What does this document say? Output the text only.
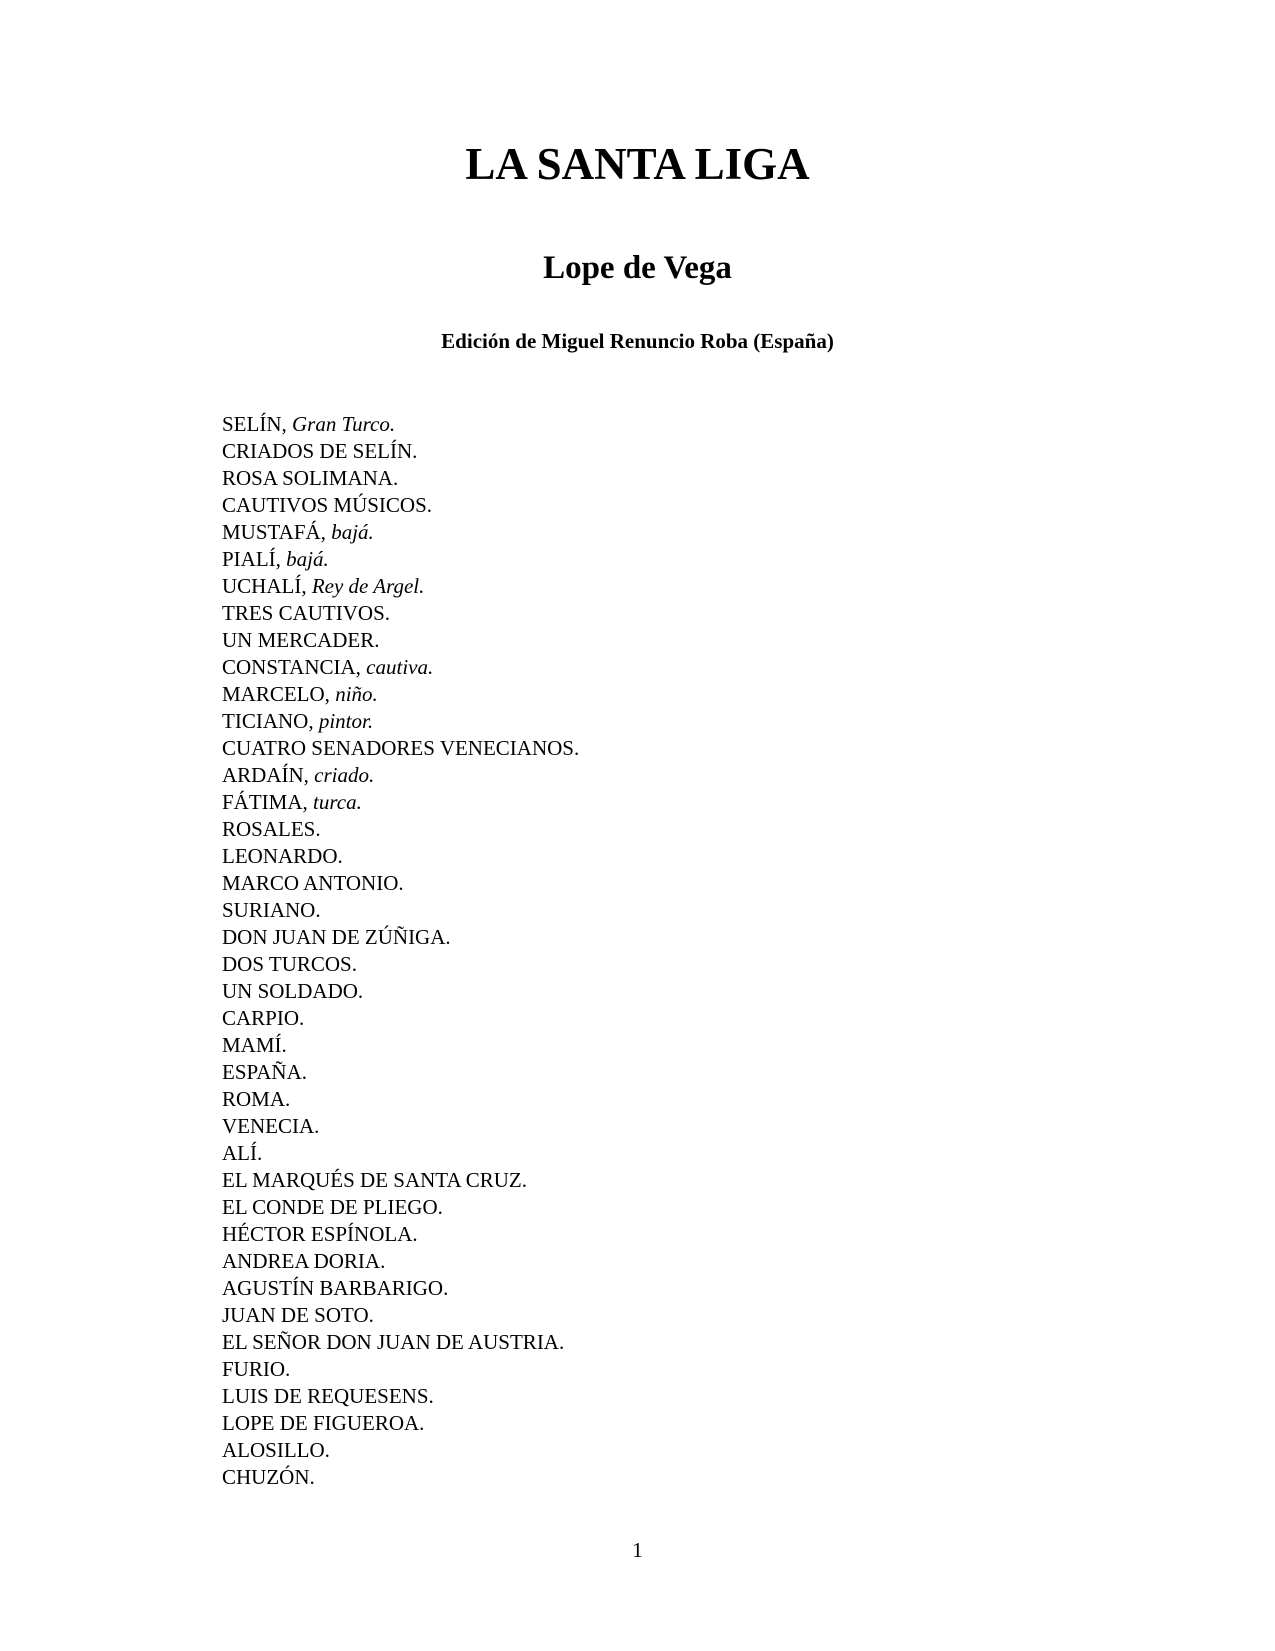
LA SANTA LIGA
Lope de Vega
Edición de Miguel Renuncio Roba (España)
SELÍN, Gran Turco.
CRIADOS DE SELÍN.
ROSA SOLIMANA.
CAUTIVOS MÚSICOS.
MUSTAFÁ, bajá.
PIALÍ, bajá.
UCHALÍ, Rey de Argel.
TRES CAUTIVOS.
UN MERCADER.
CONSTANCIA, cautiva.
MARCELO, niño.
TICIANO, pintor.
CUATRO SENADORES VENECIANOS.
ARDAÍN, criado.
FÁTIMA, turca.
ROSALES.
LEONARDO.
MARCO ANTONIO.
SURIANO.
DON JUAN DE ZÚÑIGA.
DOS TURCOS.
UN SOLDADO.
CARPIO.
MAMÍ.
ESPAÑA.
ROMA.
VENECIA.
ALÍ.
EL MARQUÉS DE SANTA CRUZ.
EL CONDE DE PLIEGO.
HÉCTOR ESPÍNOLA.
ANDREA DORIA.
AGUSTÍN BARBARIGO.
JUAN DE SOTO.
EL SEÑOR DON JUAN DE AUSTRIA.
FURIO.
LUIS DE REQUESENS.
LOPE DE FIGUEROA.
ALOSILLO.
CHUZÓN.
1
